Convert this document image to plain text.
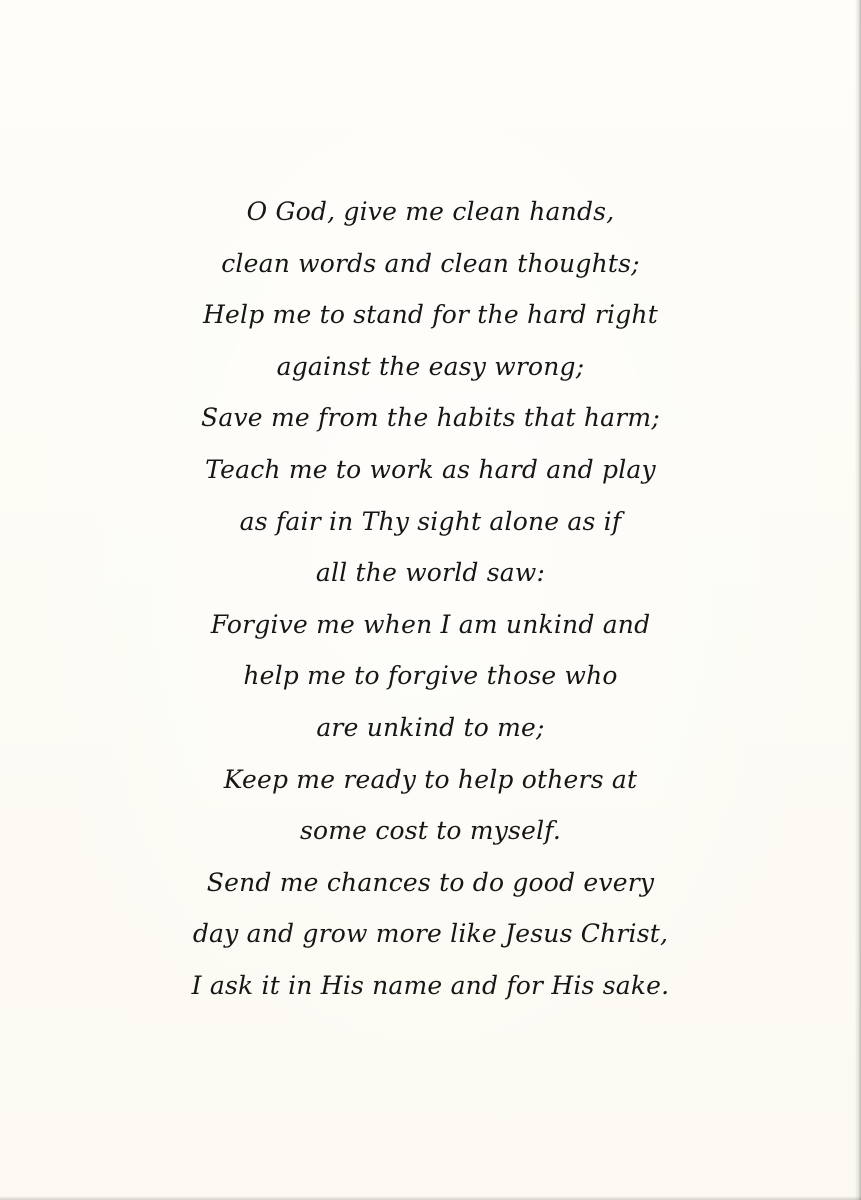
O God, give me clean hands,
clean words and clean thoughts;
Help me to stand for the hard right
against the easy wrong;
Save me from the habits that harm;
Teach me to work as hard and play
as fair in Thy sight alone as if
all the world saw:
Forgive me when I am unkind and
help me to forgive those who
are unkind to me;
Keep me ready to help others at
some cost to myself.
Send me chances to do good every
day and grow more like Jesus Christ,
I ask it in His name and for His sake.
